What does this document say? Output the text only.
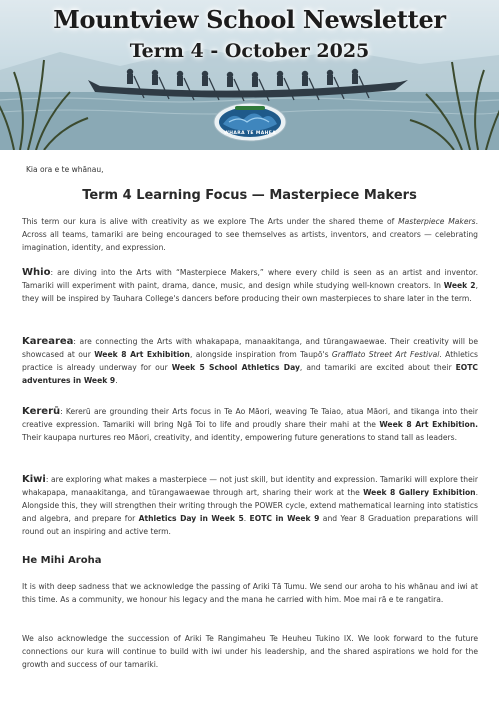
Mountview School Newsletter
Term 4 - October 2025
WHARA TE MAHEA
Kia ora e te whānau,
Term 4 Learning Focus — Masterpiece Makers

This term our kura is alive with creativity as we explore The Arts under the shared theme of Masterpiece Makers. Across all teams, tamariki are being encouraged to see themselves as artists, inventors, and creators — celebrating imagination, identity, and expression.

Whio: are diving into the Arts with “Masterpiece Makers,” where every child is seen as an artist and inventor. Tamariki will experiment with paint, drama, dance, music, and design while studying well-known creators. In Week 2, they will be inspired by Tauhara College's dancers before producing their own masterpieces to share later in the term.

Karearea: are connecting the Arts with whakapapa, manaakitanga, and tūrangawaewae. Their creativity will be showcased at our Week 8 Art Exhibition, alongside inspiration from Taupō's Graffiato Street Art Festival. Athletics practice is already underway for our Week 5 School Athletics Day, and tamariki are excited about their EOTC adventures in Week 9.

Kererū: Kererū are grounding their Arts focus in Te Ao Māori, weaving Te Taiao, atua Māori, and tikanga into their creative expression. Tamariki will bring Ngā Toi to life and proudly share their mahi at the Week 8 Art Exhibition. Their kaupapa nurtures reo Māori, creativity, and identity, empowering future generations to stand tall as leaders.

Kiwi: are exploring what makes a masterpiece — not just skill, but identity and expression. Tamariki will explore their whakapapa, manaakitanga, and tūrangawaewae through art, sharing their work at the Week 8 Gallery Exhibition. Alongside this, they will strengthen their writing through the POWER cycle, extend mathematical learning into statistics and algebra, and prepare for Athletics Day in Week 5. EOTC in Week 9 and Year 8 Graduation preparations will round out an inspiring and active term.

He Mihi Aroha

It is with deep sadness that we acknowledge the passing of Ariki Tā Tumu. We send our aroha to his whānau and iwi at this time. As a community, we honour his legacy and the mana he carried with him. Moe mai rā e te rangatira.

We also acknowledge the succession of Ariki Te Rangimaheu Te Heuheu Tukino IX. We look forward to the future connections our kura will continue to build with iwi under his leadership, and the shared aspirations we hold for the growth and success of our tamariki.
